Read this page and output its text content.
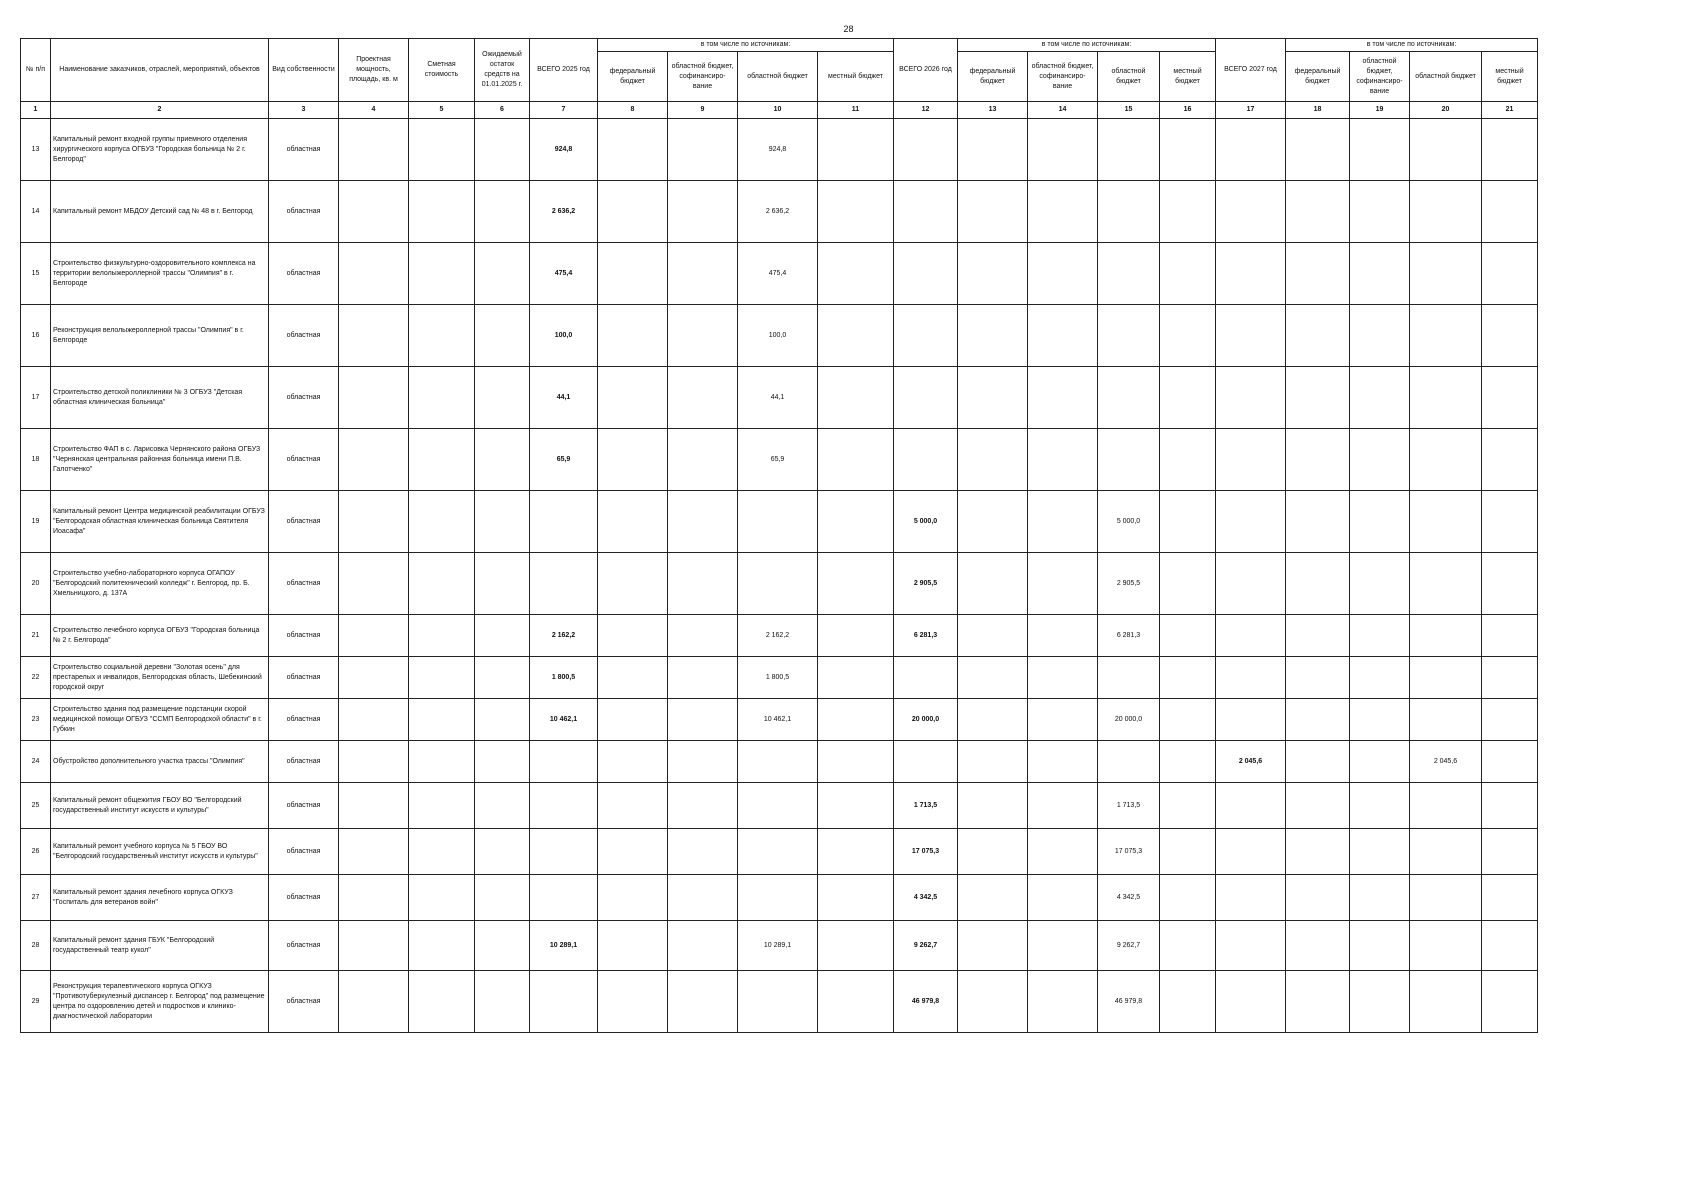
28
№ п/п	Наименование заказчиков, отраслей, мероприятий, объектов	Вид собственности	Проектная мощность, площадь, кв. м	Сметная стоимость	Ожидаемый остаток средств на 01.01.2025 г.	ВСЕГО 2025 год	в том числе по источникам:				ВСЕГО 2026 год	в том числе по источникам:				ВСЕГО 2027 год	в том числе по источникам:			
							федеральный бюджет	областной бюджет, софинансиро-вание	областной бюджет	местный бюджет		федеральный бюджет	областной бюджет, софинансиро-вание	областной бюджет	местный бюджет		федеральный бюджет	областной бюджет, софинансиро-вание	областной бюджет	местный бюджет
1	2	3	4	5	6	7	8	9	10	11	12	13	14	15	16	17	18	19	20	21
13	Капитальный ремонт входной группы приемного отделения хирургического корпуса ОГБУЗ "Городская больница № 2 г. Белгород"	областная				924,8			924,8											
14	Капитальный ремонт МБДОУ Детский сад № 48 в г. Белгород	областная				2 636,2			2 636,2											
15	Строительство физкультурно-оздоровительного комплекса на территории велолыжероллерной трассы "Олимпия" в г. Белгороде	областная				475,4			475,4											
16	Реконструкция велолыжероллерной трассы "Олимпия" в г. Белгороде	областная				100,0			100,0											
17	Строительство детской поликлиники № 3 ОГБУЗ "Детская областная клиническая больница"	областная				44,1			44,1											
18	Строительство ФАП в с. Ларисовка Чернянского района ОГБУЗ "Чернянская центральная районная больница имени П.В. Галотченко"	областная				65,9			65,9											
19	Капитальный ремонт Центра медицинской реабилитации ОГБУЗ "Белгородская областная клиническая больница Святителя Иоасафа"	областная									5 000,0			5 000,0						
20	Строительство учебно-лабораторного корпуса ОГАПОУ "Белгородский политехнический колледж" г. Белгород, пр. Б. Хмельницкого, д. 137А	областная									2 905,5			2 905,5						
21	Строительство лечебного корпуса ОГБУЗ "Городская больница № 2 г. Белгорода"	областная				2 162,2			2 162,2		6 281,3			6 281,3						
22	Строительство социальной деревни "Золотая осень" для престарелых и инвалидов, Белгородская область, Шебекинский городской округ	областная				1 800,5			1 800,5											
23	Строительство здания под размещение подстанции скорой медицинской помощи ОГБУЗ "ССМП Белгородской области" в г. Губкин	областная				10 462,1			10 462,1		20 000,0			20 000,0						
24	Обустройство дополнительного участка трассы "Олимпия"	областная														2 045,6			2 045,6	
25	Капитальный ремонт общежития ГБОУ ВО "Белгородский государственный институт искусств и культуры"	областная									1 713,5			1 713,5						
26	Капитальный ремонт учебного корпуса № 5 ГБОУ ВО "Белгородский государственный институт искусств и культуры"	областная									17 075,3			17 075,3						
27	Капитальный ремонт здания лечебного корпуса ОГКУЗ "Госпиталь для ветеранов войн"	областная									4 342,5			4 342,5						
28	Капитальный ремонт здания ГБУК "Белгородский государственный театр кукол"	областная				10 289,1			10 289,1		9 262,7			9 262,7						
29	Реконструкция терапевтического корпуса ОГКУЗ "Противотуберкулезный диспансер г. Белгород" под размещение центра по оздоровлению детей и подростков и клинико-диагностической лаборатории	областная									46 979,8			46 979,8						
